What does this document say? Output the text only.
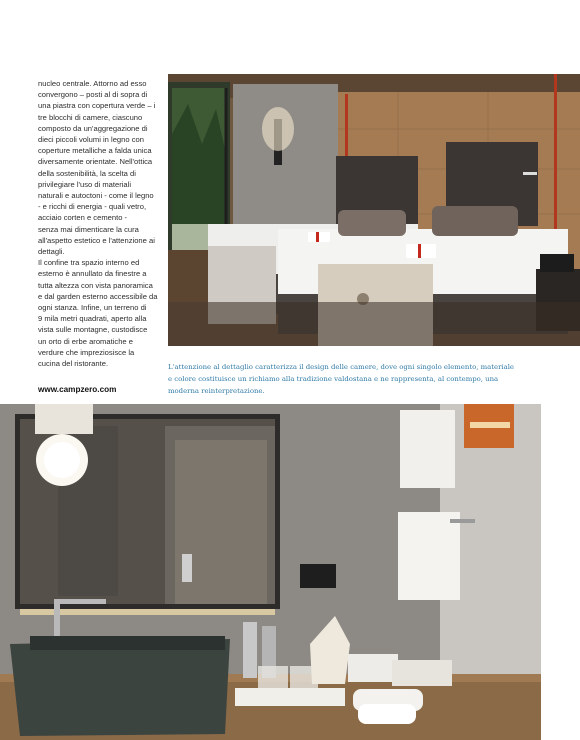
nucleo centrale. Attorno ad esso

convergono – posti al di sopra di

una piastra con copertura verde – i

tre blocchi di camere, ciascuno

composto da un'aggregazione di

dieci piccoli volumi in legno con

coperture metalliche a falda unica

diversamente orientate. Nell'ottica

della sostenibilità, la scelta di

privilegiare l'uso di materiali

naturali e autoctoni - come il legno

- e ricchi di energia - quali vetro,

acciaio corten e cemento -

senza mai dimenticare la cura

all'aspetto estetico e l'attenzione ai

dettagli.

Il confine tra spazio interno ed

esterno è annullato da finestre a

tutta altezza con vista panoramica

e dal garden esterno accessibile da

ogni stanza. Infine, un terreno di

9 mila metri quadrati, aperto alla

vista sulle montagne, custodisce

un orto di erbe aromatiche e

verdure che impreziosisce la

cucina del ristorante.

www.campzero.com
L'attenzione al dettaglio caratterizza il design delle camere, dove ogni singolo elemento, materiale
e colore costituisce un richiamo alla tradizione valdostana e ne rappresenta, al contempo, una
moderna reinterpretazione.
